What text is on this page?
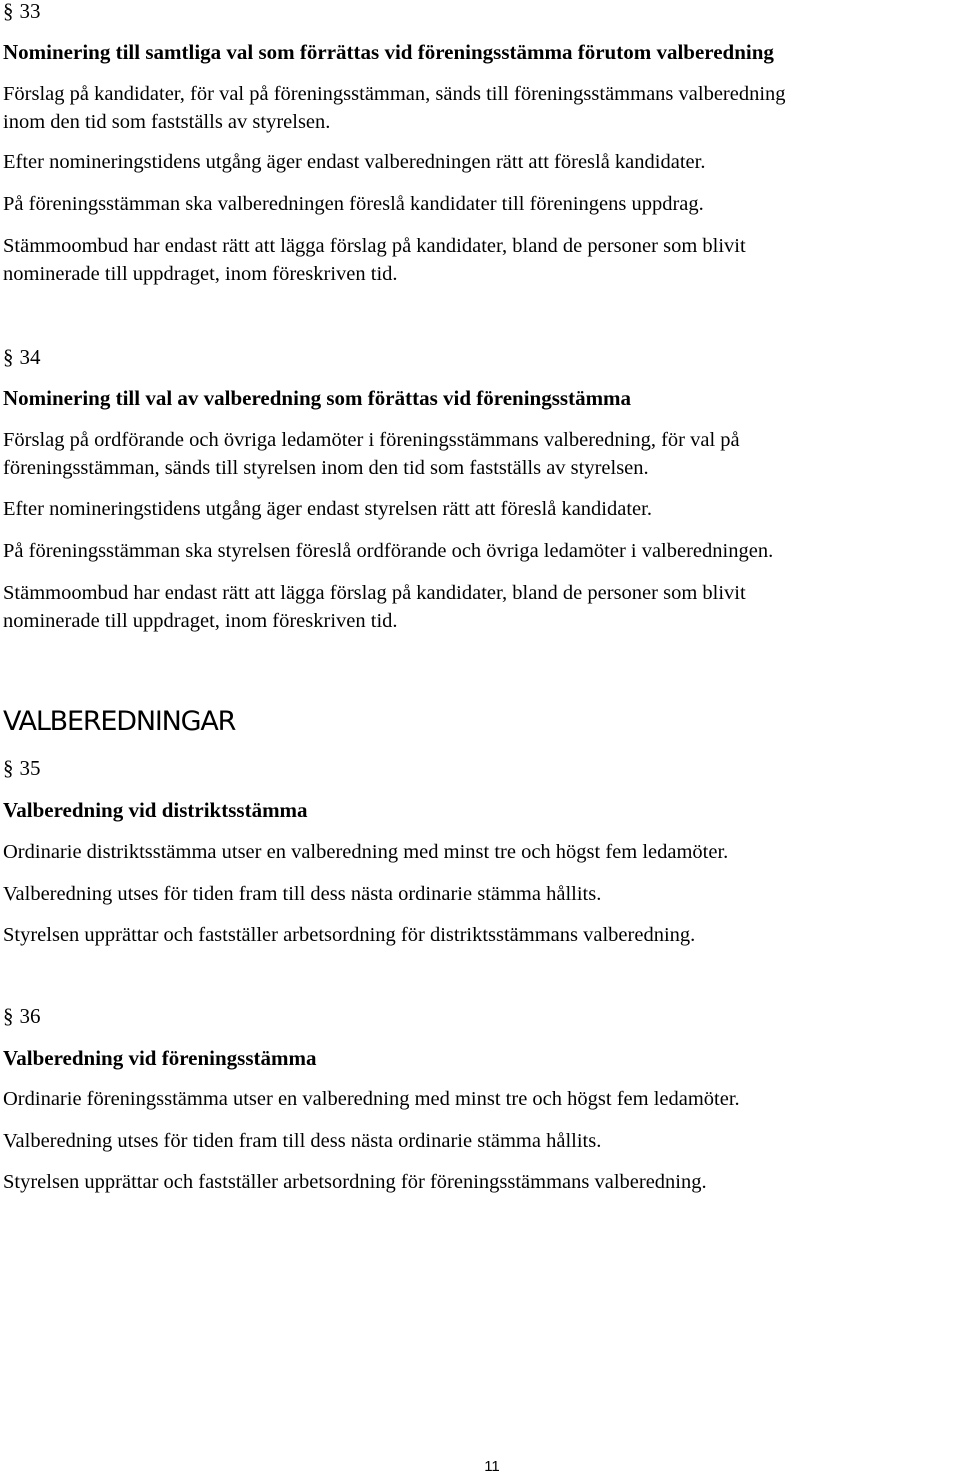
§ 33
Nominering till samtliga val som förrättas vid föreningsstämma förutom valberedning
Förslag på kandidater, för val på föreningsstämman, sänds till föreningsstämmans valberedning
inom den tid som fastställs av styrelsen.
Efter nomineringstidens utgång äger endast valberedningen rätt att föreslå kandidater.
På föreningsstämman ska valberedningen föreslå kandidater till föreningens uppdrag.
Stämmoombud har endast rätt att lägga förslag på kandidater, bland de personer som blivit
nominerade till uppdraget, inom föreskriven tid.
§ 34
Nominering till val av valberedning som förättas vid föreningsstämma
Förslag på ordförande och övriga ledamöter i föreningsstämmans valberedning, för val på
föreningsstämman, sänds till styrelsen inom den tid som fastställs av styrelsen.
Efter nomineringstidens utgång äger endast styrelsen rätt att föreslå kandidater.
På föreningsstämman ska styrelsen föreslå ordförande och övriga ledamöter i valberedningen.
Stämmoombud har endast rätt att lägga förslag på kandidater, bland de personer som blivit
nominerade till uppdraget, inom föreskriven tid.
VALBEREDNINGAR
§ 35
Valberedning vid distriktsstämma
Ordinarie distriktsstämma utser en valberedning med minst tre och högst fem ledamöter.
Valberedning utses för tiden fram till dess nästa ordinarie stämma hållits.
Styrelsen upprättar och fastställer arbetsordning för distriktsstämmans valberedning.
§ 36
Valberedning vid föreningsstämma
Ordinarie föreningsstämma utser en valberedning med minst tre och högst fem ledamöter.
Valberedning utses för tiden fram till dess nästa ordinarie stämma hållits.
Styrelsen upprättar och fastställer arbetsordning för föreningsstämmans valberedning.
11
